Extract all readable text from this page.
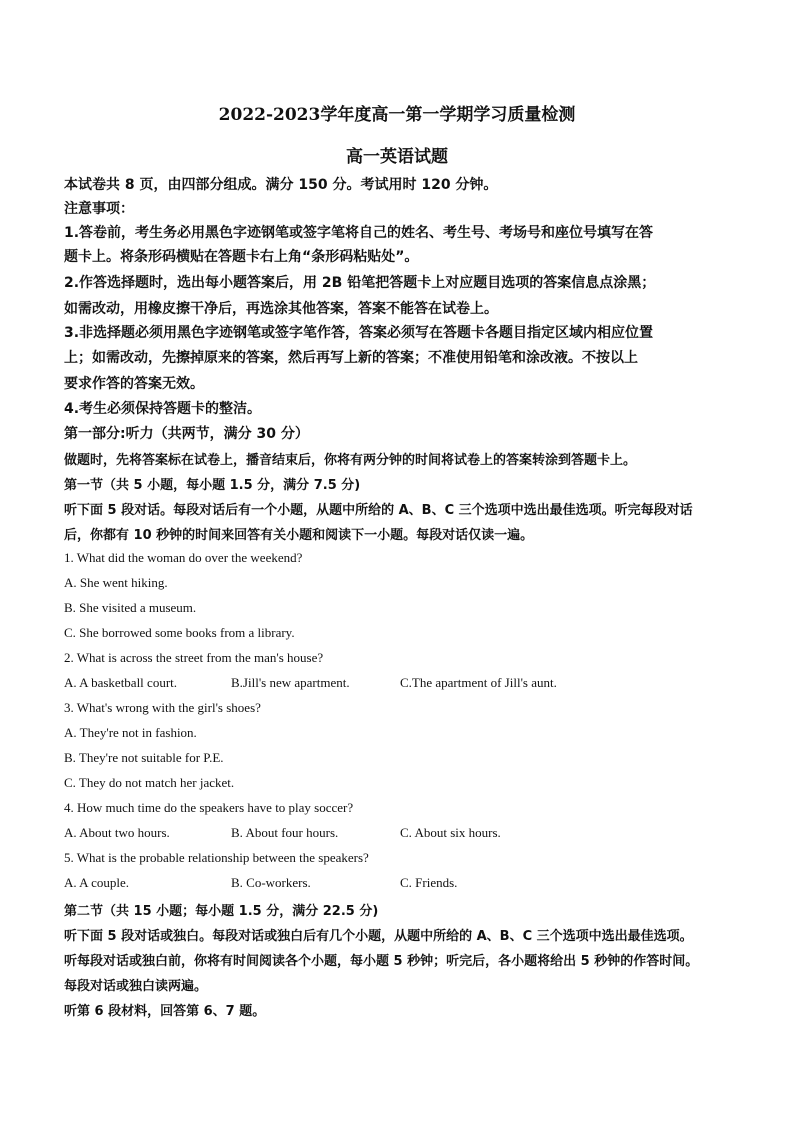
2022-2023学年度高一第一学期学习质量检测
高一英语试题
本试卷共 8 页，由四部分组成。满分 150 分。考试用时 120 分钟。
注意事项：
1.答卷前，考生务必用黑色字迹钢笔或签字笔将自己的姓名、考生号、考场号和座位号填写在答
题卡上。将条形码横贴在答题卡右上角“条形码粘贴处”。
2.作答选择题时，选出每小题答案后，用 2B 铅笔把答题卡上对应题目选项的答案信息点涂黑；
如需改动，用橡皮擦干净后，再选涂其他答案，答案不能答在试卷上。
3.非选择题必须用黑色字迹钢笔或签字笔作答，答案必须写在答题卡各题目指定区域内相应位置
上；如需改动，先擦掉原来的答案，然后再写上新的答案；不准使用铅笔和涂改液。不按以上
要求作答的答案无效。
4.考生必须保持答题卡的整洁。
第一部分:听力（共两节，满分 30 分）
做题时，先将答案标在试卷上，播音结束后，你将有两分钟的时间将试卷上的答案转涂到答题卡上。
第一节（共 5 小题，每小题 1.5 分，满分 7.5 分)
听下面 5 段对话。每段对话后有一个小题，从题中所给的 A、B、C 三个选项中选出最佳选项。听完每段对话
后，你都有 10 秒钟的时间来回答有关小题和阅读下一小题。每段对话仅读一遍。
1. What did the woman do over the weekend?
A. She went hiking.
B. She visited a museum.
C. She borrowed some books from a library.
2. What is across the street from the man's house?
A. A basketball court.	B.Jill's new apartment.	C.The apartment of Jill's aunt.
3. What's wrong with the girl's shoes?
A. They're not in fashion.
B. They're not suitable for P.E.
C. They do not match her jacket.
4. How much time do the speakers have to play soccer?
A. About two hours.	B. About four hours.	C. About six hours.
5. What is the probable relationship between the speakers?
A. A couple.	B. Co-workers.	C. Friends.
第二节（共 15 小题；每小题 1.5 分，满分 22.5 分)
听下面 5 段对话或独白。每段对话或独白后有几个小题，从题中所给的 A、B、C 三个选项中选出最佳选项。
听每段对话或独白前，你将有时间阅读各个小题，每小题 5 秒钟；听完后，各小题将给出 5 秒钟的作答时间。
每段对话或独白读两遍。
听第 6 段材料，回答第 6、7 题。
